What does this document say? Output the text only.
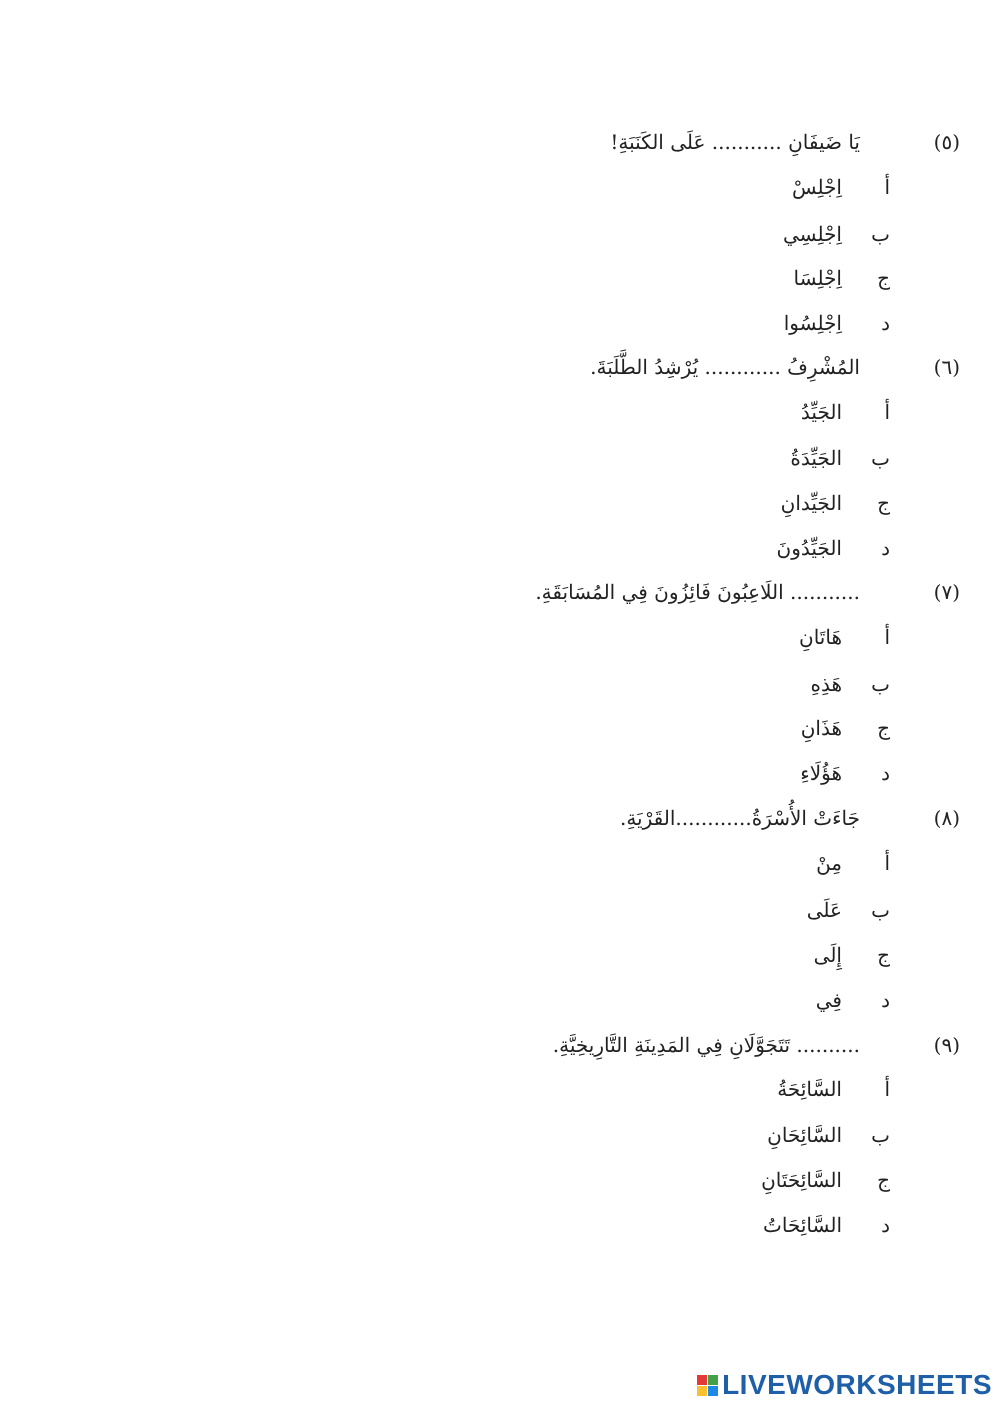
(٥)
يَا ضَيفَانِ ........... عَلَى الكَنَبَةِ!
أاِجْلِسْ
باِجْلِسِي
جاِجْلِسَا
داِجْلِسُوا
(٦)
المُشْرِفُ ............ يُرْشِدُ الطَّلَبَةَ.
أالجَيِّدُ
بالجَيِّدَةُ
جالجَيِّدانِ
دالجَيِّدُونَ
(٧)
........... اللَاعِبُونَ فَائِزُونَ فِي المُسَابَقَةِ.
أهَاتَانِ
بهَذِهِ
جهَذَانِ
دهَؤُلَاءِ
(٨)
جَاءَتْ الأُسْرَةُ............القَرْيَةِ.
أمِنْ
بعَلَى
جإِلَى
دفِي
(٩)
.......... تَتَجَوَّلَانِ فِي المَدِينَةِ التَّارِيخِيَّةِ.
أالسَّائِحَةُ
بالسَّائِحَانِ
جالسَّائِحَتَانِ
دالسَّائِحَاتُ
LIVEWORKSHEETS
